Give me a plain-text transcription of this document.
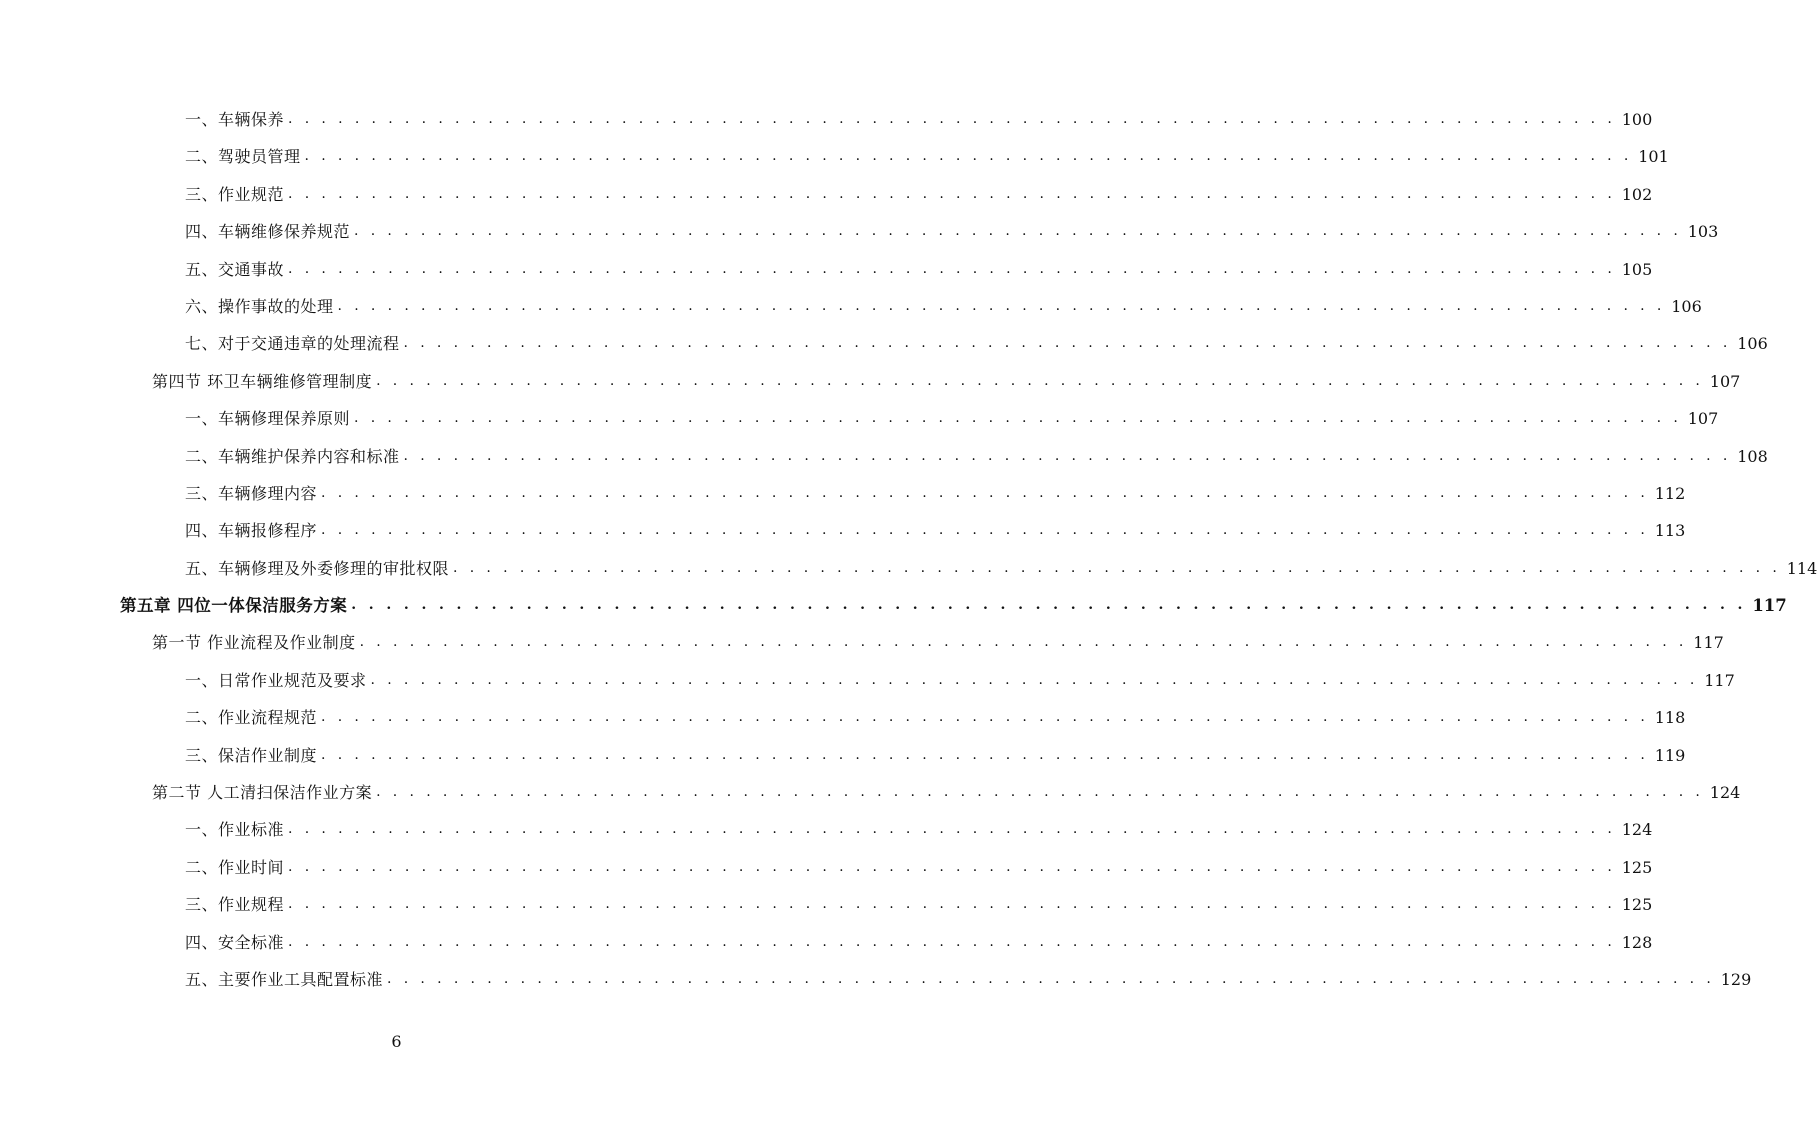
一、车辆保养 . . . . . . . . . . . . . . . . . . . . . . . . . . . . . . . . . . . . . . . . . . . . . . . . . . . . . . . . . . . . . . . . . . . . . . . . . . . . . . . . 100
二、驾驶员管理 . . . . . . . . . . . . . . . . . . . . . . . . . . . . . . . . . . . . . . . . . . . . . . . . . . . . . . . . . . . . . . . . . . . . . . . . . . . . . . . . 101
三、作业规范 . . . . . . . . . . . . . . . . . . . . . . . . . . . . . . . . . . . . . . . . . . . . . . . . . . . . . . . . . . . . . . . . . . . . . . . . . . . . . . . . 102
四、车辆维修保养规范 . . . . . . . . . . . . . . . . . . . . . . . . . . . . . . . . . . . . . . . . . . . . . . . . . . . . . . . . . . . . . . . . . . . . . . . . . . . . . . . . 103
五、交通事故 . . . . . . . . . . . . . . . . . . . . . . . . . . . . . . . . . . . . . . . . . . . . . . . . . . . . . . . . . . . . . . . . . . . . . . . . . . . . . . . . 105
六、操作事故的处理 . . . . . . . . . . . . . . . . . . . . . . . . . . . . . . . . . . . . . . . . . . . . . . . . . . . . . . . . . . . . . . . . . . . . . . . . . . . . . . . . 106
七、对于交通违章的处理流程 . . . . . . . . . . . . . . . . . . . . . . . . . . . . . . . . . . . . . . . . . . . . . . . . . . . . . . . . . . . . . . . . . . . . . . . . . . . . . . . . 106
第四节 环卫车辆维修管理制度 . . . . . . . . . . . . . . . . . . . . . . . . . . . . . . . . . . . . . . . . . . . . . . . . . . . . . . . . . . . . . . . . . . . . . . . . . . . . . . . . 107
一、车辆修理保养原则 . . . . . . . . . . . . . . . . . . . . . . . . . . . . . . . . . . . . . . . . . . . . . . . . . . . . . . . . . . . . . . . . . . . . . . . . . . . . . . . . 107
二、车辆维护保养内容和标准 . . . . . . . . . . . . . . . . . . . . . . . . . . . . . . . . . . . . . . . . . . . . . . . . . . . . . . . . . . . . . . . . . . . . . . . . . . . . . . . . 108
三、车辆修理内容 . . . . . . . . . . . . . . . . . . . . . . . . . . . . . . . . . . . . . . . . . . . . . . . . . . . . . . . . . . . . . . . . . . . . . . . . . . . . . . . . 112
四、车辆报修程序 . . . . . . . . . . . . . . . . . . . . . . . . . . . . . . . . . . . . . . . . . . . . . . . . . . . . . . . . . . . . . . . . . . . . . . . . . . . . . . . . 113
五、车辆修理及外委修理的审批权限 . . . . . . . . . . . . . . . . . . . . . . . . . . . . . . . . . . . . . . . . . . . . . . . . . . . . . . . . . . . . . . . . . . . . . . . . . . . . . . . . 114
第五章 四位一体保洁服务方案 . . . . . . . . . . . . . . . . . . . . . . . . . . . . . . . . . . . . . . . . . . . . . . . . . . . . . . . . . . . . . . . . . . . . . . . . . . . . . . . . 117
第一节 作业流程及作业制度 . . . . . . . . . . . . . . . . . . . . . . . . . . . . . . . . . . . . . . . . . . . . . . . . . . . . . . . . . . . . . . . . . . . . . . . . . . . . . . . . 117
一、日常作业规范及要求 . . . . . . . . . . . . . . . . . . . . . . . . . . . . . . . . . . . . . . . . . . . . . . . . . . . . . . . . . . . . . . . . . . . . . . . . . . . . . . . . 117
二、作业流程规范 . . . . . . . . . . . . . . . . . . . . . . . . . . . . . . . . . . . . . . . . . . . . . . . . . . . . . . . . . . . . . . . . . . . . . . . . . . . . . . . . 118
三、保洁作业制度 . . . . . . . . . . . . . . . . . . . . . . . . . . . . . . . . . . . . . . . . . . . . . . . . . . . . . . . . . . . . . . . . . . . . . . . . . . . . . . . . 119
第二节 人工清扫保洁作业方案 . . . . . . . . . . . . . . . . . . . . . . . . . . . . . . . . . . . . . . . . . . . . . . . . . . . . . . . . . . . . . . . . . . . . . . . . . . . . . . . . 124
一、作业标准 . . . . . . . . . . . . . . . . . . . . . . . . . . . . . . . . . . . . . . . . . . . . . . . . . . . . . . . . . . . . . . . . . . . . . . . . . . . . . . . . 124
二、作业时间 . . . . . . . . . . . . . . . . . . . . . . . . . . . . . . . . . . . . . . . . . . . . . . . . . . . . . . . . . . . . . . . . . . . . . . . . . . . . . . . . 125
三、作业规程 . . . . . . . . . . . . . . . . . . . . . . . . . . . . . . . . . . . . . . . . . . . . . . . . . . . . . . . . . . . . . . . . . . . . . . . . . . . . . . . . 125
四、安全标准 . . . . . . . . . . . . . . . . . . . . . . . . . . . . . . . . . . . . . . . . . . . . . . . . . . . . . . . . . . . . . . . . . . . . . . . . . . . . . . . . 128
五、主要作业工具配置标准 . . . . . . . . . . . . . . . . . . . . . . . . . . . . . . . . . . . . . . . . . . . . . . . . . . . . . . . . . . . . . . . . . . . . . . . . . . . . . . . . 129
6
